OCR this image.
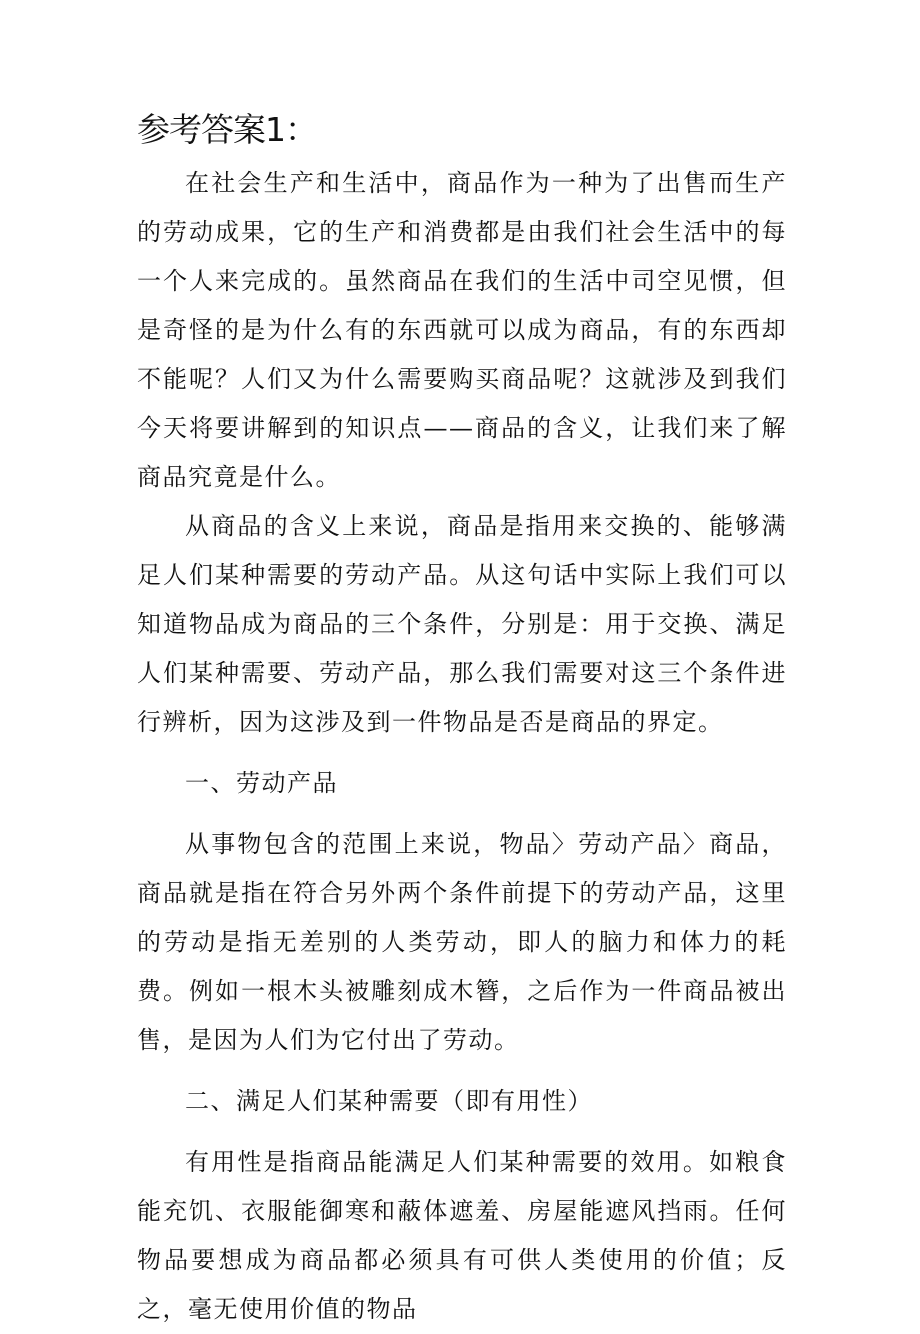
参考答案1：

在社会生产和生活中，商品作为一种为了出售而生产的劳动成果，它的生产和消费都是由我们社会生活中的每一个人来完成的。虽然商品在我们的生活中司空见惯，但是奇怪的是为什么有的东西就可以成为商品，有的东西却不能呢？人们又为什么需要购买商品呢？这就涉及到我们今天将要讲解到的知识点——商品的含义，让我们来了解商品究竟是什么。

从商品的含义上来说，商品是指用来交换的、能够满足人们某种需要的劳动产品。从这句话中实际上我们可以知道物品成为商品的三个条件，分别是：用于交换、满足人们某种需要、劳动产品，那么我们需要对这三个条件进行辨析，因为这涉及到一件物品是否是商品的界定。

一、劳动产品

从事物包含的范围上来说，物品〉劳动产品〉商品，商品就是指在符合另外两个条件前提下的劳动产品，这里的劳动是指无差别的人类劳动，即人的脑力和体力的耗费。例如一根木头被雕刻成木簪，之后作为一件商品被出售，是因为人们为它付出了劳动。

二、满足人们某种需要（即有用性）

有用性是指商品能满足人们某种需要的效用。如粮食能充饥、衣服能御寒和蔽体遮羞、房屋能遮风挡雨。任何物品要想成为商品都必须具有可供人类使用的价值；反之，毫无使用价值的物品
